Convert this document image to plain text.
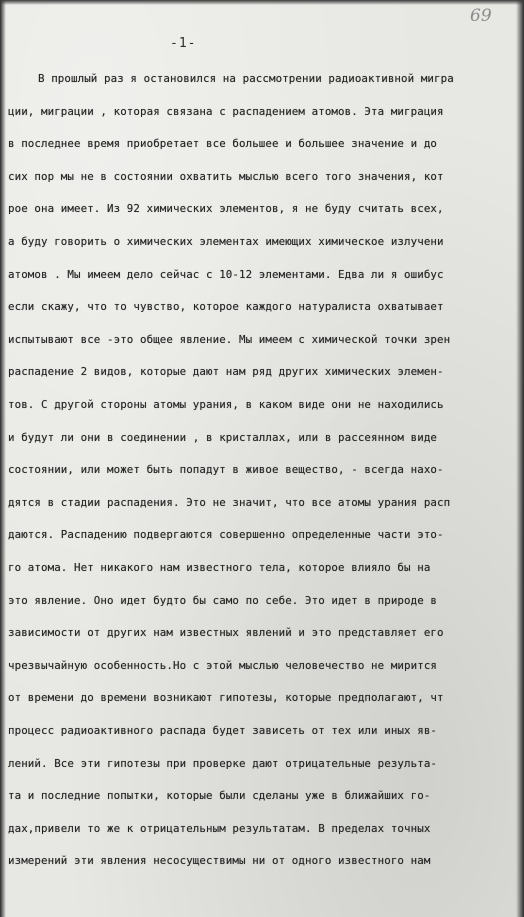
69
-1-
В прошлый раз я остановился на рассмотрении радиоактивной мигра
ции, миграции , которая связана с распадением атомов. Эта миграция
в последнее время приобретает все большее и большее значение и до
сих пор мы не в состоянии охватить мыслью всего того значения, кот
рое она имеет. Из 92 химических элементов, я не буду считать всех,
а буду говорить о химических элементах имеющих химическое излучени
атомов . Мы имеем дело сейчас с 10-12 элементами. Едва ли я ошибус
если скажу, что то чувство, которое каждого натуралиста охватывает
испытывают все -это общее явление. Мы имеем с химической точки зрен
распадение 2 видов, которые дают нам ряд других химических элемен-
тов. С другой стороны атомы урания, в каком виде они не находились
и будут ли они в соединении , в кристаллах, или в рассеянном виде
состоянии, или может быть попадут в живое вещество, - всегда нахо-
дятся в стадии распадения. Это не значит, что все атомы урания расп
даются. Распадению подвергаются совершенно определенные части это-
го атома. Нет никакого нам известного тела, которое влияло бы на
это явление. Оно идет будто бы само по себе. Это идет в природе в
зависимости от других нам известных явлений и это представляет его
чрезвычайную особенность.Но с этой мыслью человечество не мирится
от времени до времени возникают гипотезы, которые предполагают, чт
процесс радиоактивного распада будет зависеть от тех или иных яв-
лений. Все эти гипотезы при проверке дают отрицательные результа-
та и последние попытки, которые были сделаны уже в ближайших го-
дах,привели то же к отрицательным результатам. В пределах точных
измерений эти явления несосуществимы ни от одного известного нам
